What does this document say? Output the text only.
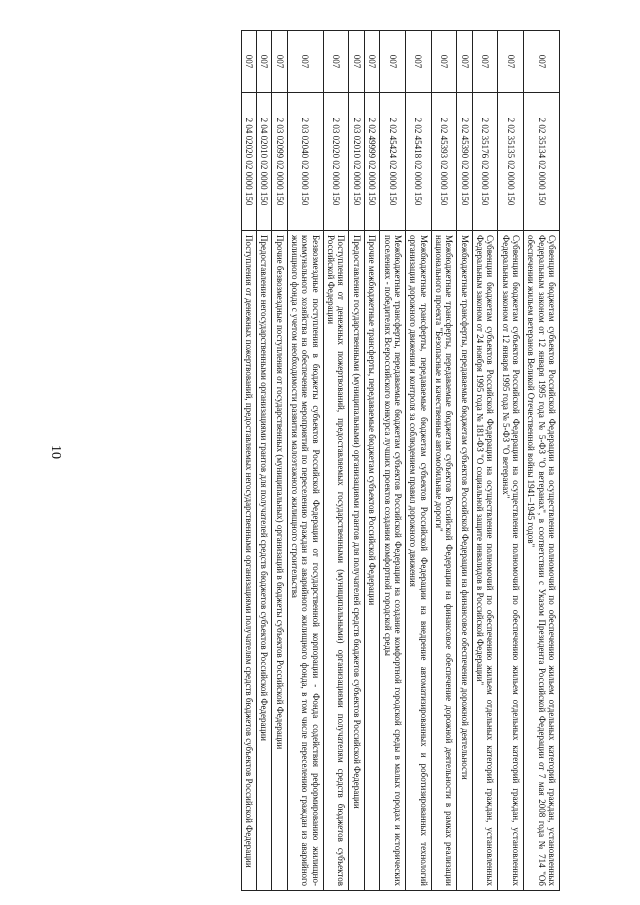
10
007	2 02 35134 02 0000 150	Субвенции бюджетам субъектов Российской Федерации на осуществление полномочий по обеспечению жильем отдельных категорий граждан, установленных Федеральным законом от 12 января 1995 года № 5-ФЗ "О ветеранах", в соответствии с Указом Президента Российской Федерации от 7 мая 2008 года № 714 "Об обеспечении жильем ветеранов Великой Отечественной войны 1941–1945 годов"
007	2 02 35135 02 0000 150	Субвенции бюджетам субъектов Российской Федерации на осуществление полномочий по обеспечению жильем отдельных категорий граждан, установленных Федеральным законом от 12 января 1995 года № 5-ФЗ "О ветеранах"
007	2 02 35176 02 0000 150	Субвенции бюджетам субъектов Российской Федерации на осуществление полномочий по обеспечению жильем отдельных категорий граждан, установленных Федеральным законом от 24 ноября 1995 года № 181-ФЗ "О социальной защите инвалидов в Российской Федерации"
007	2 02 45390 02 0000 150	Межбюджетные трансферты, передаваемые бюджетам субъектов Российской Федерации на финансовое обеспечение дорожной деятельности
007	2 02 45393 02 0000 150	Межбюджетные трансферты, передаваемые бюджетам субъектов Российской Федерации на финансовое обеспечение дорожной деятельности в рамках реализации национального проекта "Безопасные и качественные автомобильные дороги"
007	2 02 45418 02 0000 150	Межбюджетные трансферты, передаваемые бюджетам субъектов Российской Федерации на внедрение автоматизированных и роботизированных технологий организации дорожного движения и контроля за соблюдением правил дорожного движения
007	2 02 45424 02 0000 150	Межбюджетные трансферты, передаваемые бюджетам субъектов Российской Федерации на создание комфортной городской среды в малых городах и исторических поселениях - победителях Всероссийского конкурса лучших проектов создания комфортной городской среды
007	2 02 49999 02 0000 150	Прочие межбюджетные трансферты, передаваемые бюджетам субъектов Российской Федерации
007	2 03 02010 02 0000 150	Предоставление государственными (муниципальными) организациями грантов для получателей средств бюджетов субъектов Российской Федерации
007	2 03 02020 02 0000 150	Поступления от денежных пожертвований, предоставляемых государственными (муниципальными) организациями получателям средств бюджетов субъектов Российской Федерации
007	2 03 02040 02 0000 150	Безвозмездные поступления в бюджеты субъектов Российской Федерации от государственной корпорации - Фонда содействия реформированию жилищно-коммунального хозяйства на обеспечение мероприятий по переселению граждан из аварийного жилищного фонда, в том числе переселению граждан из аварийного жилищного фонда с учетом необходимости развития малоэтажного жилищного строительства
007	2 03 02099 02 0000 150	Прочие безвозмездные поступления от государственных (муниципальных) организаций в бюджеты субъектов Российской Федерации
007	2 04 02010 02 0000 150	Предоставление негосударственными организациями грантов для получателей средств бюджетов субъектов Российской Федерации
007	2 04 02020 02 0000 150	Поступления от денежных пожертвований, предоставляемых негосударственными организациями получателям средств бюджетов субъектов Российской Федерации
